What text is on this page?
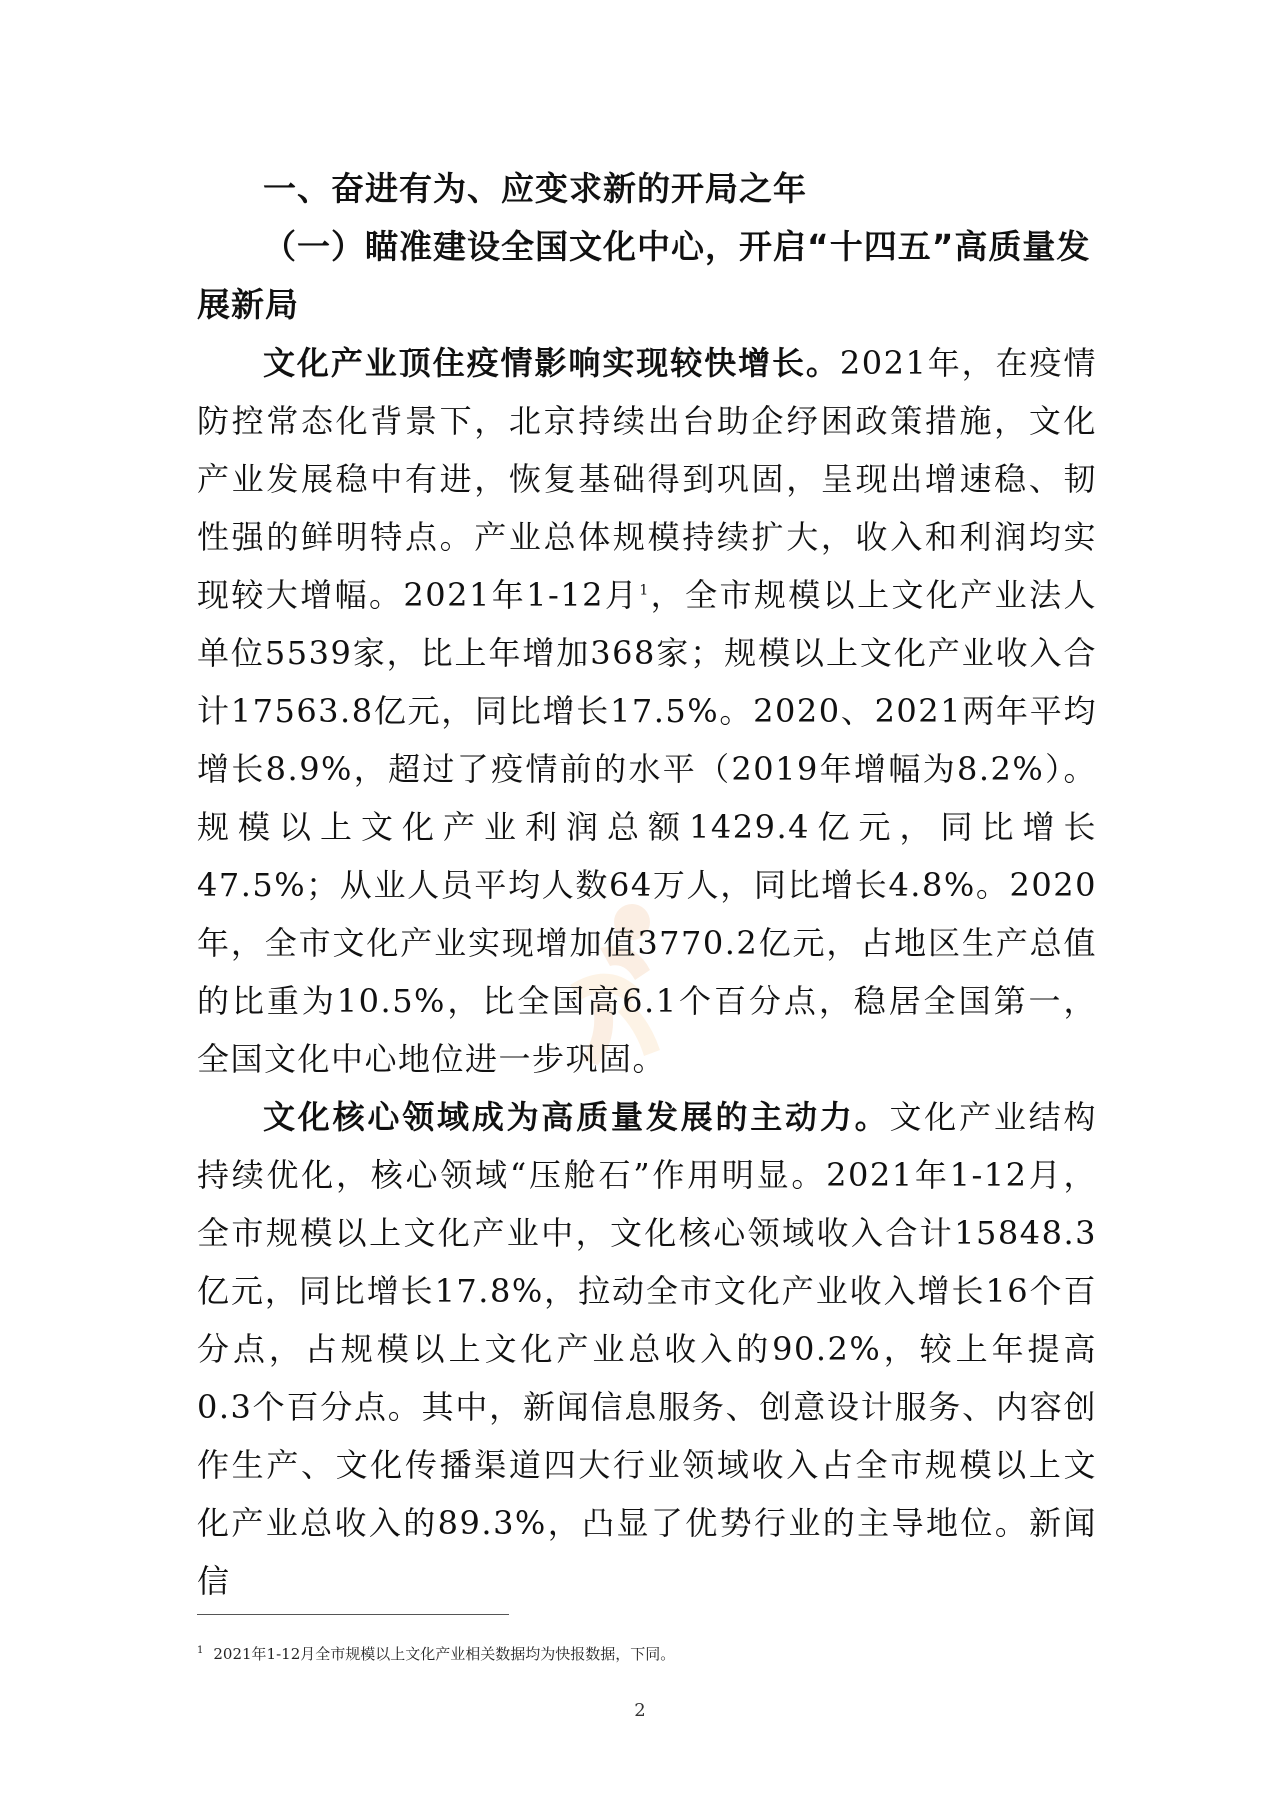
一、奋进有为、应变求新的开局之年

（一）瞄准建设全国文化中心，开启“十四五”高质量发展新局

文化产业顶住疫情影响实现较快增长。2021年，在疫情防控常态化背景下，北京持续出台助企纾困政策措施，文化产业发展稳中有进，恢复基础得到巩固，呈现出增速稳、韧性强的鲜明特点。产业总体规模持续扩大，收入和利润均实现较大增幅。2021年1-12月$^1$，全市规模以上文化产业法人单位5539家，比上年增加368家；规模以上文化产业收入合计17563.8亿元，同比增长17.5%。2020、2021两年平均增长8.9%，超过了疫情前的水平（2019年增幅为8.2%）。规模以上文化产业利润总额1429.4亿元，同比增长47.5%；从业人员平均人数64万人，同比增长4.8%。2020年，全市文化产业实现增加值3770.2亿元，占地区生产总值的比重为10.5%，比全国高6.1个百分点，稳居全国第一，全国文化中心地位进一步巩固。

文化核心领域成为高质量发展的主动力。文化产业结构持续优化，核心领域“压舱石”作用明显。2021年1-12月，全市规模以上文化产业中，文化核心领域收入合计15848.3亿元，同比增长17.8%，拉动全市文化产业收入增长16个百分点，占规模以上文化产业总收入的90.2%，较上年提高0.3个百分点。其中，新闻信息服务、创意设计服务、内容创作生产、文化传播渠道四大行业领域收入占全市规模以上文化产业总收入的89.3%，凸显了优势行业的主导地位。新闻信

$^1$ 2021年1-12月全市规模以上文化产业相关数据均为快报数据，下同。
2
